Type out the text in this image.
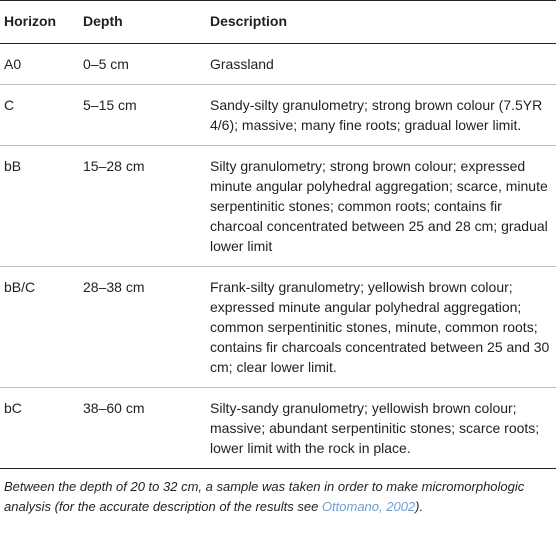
Horizon	Depth	Description
A0	0–5 cm	Grassland
C	5–15 cm	Sandy-silty granulometry; strong brown colour (7.5YR 4/6); massive; many fine roots; gradual lower limit.
bB	15–28 cm	Silty granulometry; strong brown colour; expressed minute angular polyhedral aggregation; scarce, minute serpentinitic stones; common roots; contains fir charcoal concentrated between 25 and 28 cm; gradual lower limit
bB/C	28–38 cm	Frank-silty granulometry; yellowish brown colour; expressed minute angular polyhedral aggregation; common serpentinitic stones, minute, common roots; contains fir charcoals concentrated between 25 and 30 cm; clear lower limit.
bC	38–60 cm	Silty-sandy granulometry; yellowish brown colour; massive; abundant serpentinitic stones; scarce roots; lower limit with the rock in place.
Between the depth of 20 to 32 cm, a sample was taken in order to make micromorphologic analysis (for the accurate description of the results see Ottomano, 2002).
